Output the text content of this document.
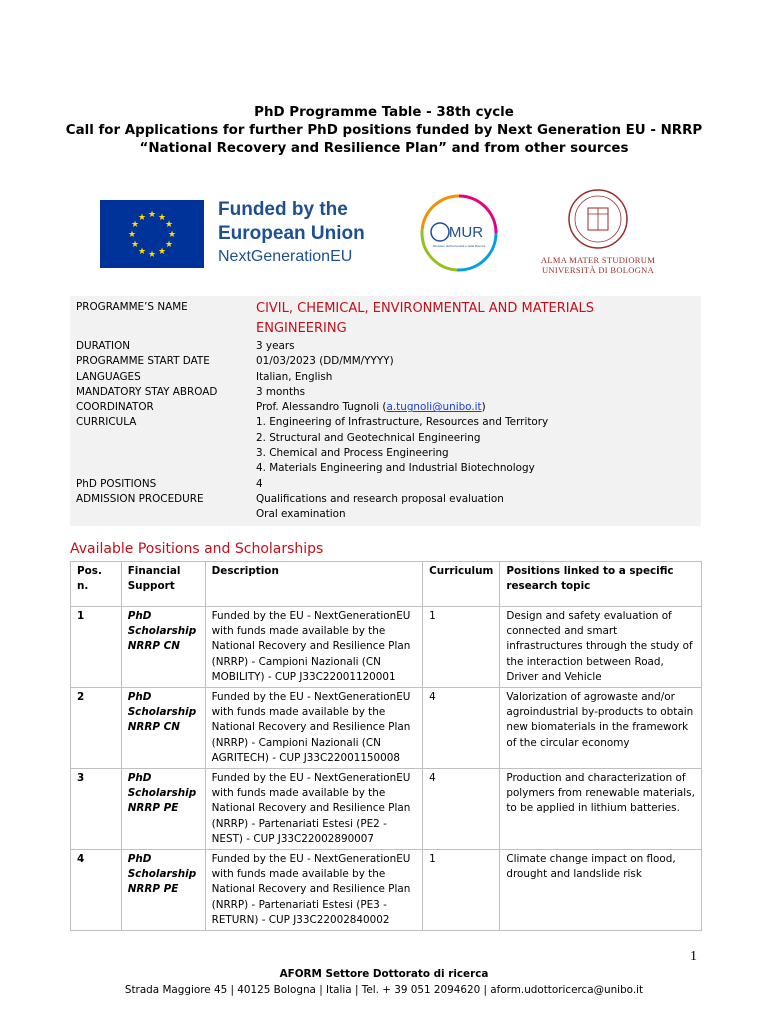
PhD Programme Table - 38th cycle
Call for Applications for further PhD positions funded by Next Generation EU - NRRP
“National Recovery and Resilience Plan” and from other sources
★ ★
★
★
★
★
★
★
★
★
★
★	Funded by the
European Union
NextGenerationEU
MUR
Ministero dell'Università e della Ricerca
ALMA MATER STUDIORUM
UNIVERSITÀ DI BOLOGNA
PROGRAMME’S NAME	CIVIL, CHEMICAL, ENVIRONMENTAL AND MATERIALS
ENGINEERING

DURATION	3 years
PROGRAMME START DATE	01/03/2023 (DD/MM/YYYY)
LANGUAGES	Italian, English
MANDATORY STAY ABROAD	3 months
COORDINATOR	Prof. Alessandro Tugnoli (a.tugnoli@unibo.it)
CURRICULA	1. Engineering of Infrastructure, Resources and Territory
2. Structural and Geotechnical Engineering
3. Chemical and Process Engineering
4. Materials Engineering and Industrial Biotechnology

PhD POSITIONS	4
ADMISSION PROCEDURE	Qualifications and research proposal evaluation
Oral examination
Available Positions and Scholarships
Pos. n.	Financial Support	Description	Curriculum	Positions linked to a specific research topic
1	PhD Scholarship NRRP CN	Funded by the EU - NextGenerationEU with funds made available by the National Recovery and Resilience Plan (NRRP) - Campioni Nazionali (CN MOBILITY) - CUP J33C22001120001	1	Design and safety evaluation of connected and smart infrastructures through the study of the interaction between Road, Driver and Vehicle
2	PhD Scholarship NRRP CN	Funded by the EU - NextGenerationEU with funds made available by the National Recovery and Resilience Plan (NRRP) - Campioni Nazionali (CN AGRITECH) - CUP J33C22001150008	4	Valorization of agrowaste and/or agroindustrial by-products to obtain new biomaterials in the framework of the circular economy
3	PhD Scholarship NRRP PE	Funded by the EU - NextGenerationEU with funds made available by the National Recovery and Resilience Plan (NRRP) - Partenariati Estesi (PE2 - NEST) - CUP J33C22002890007	4	Production and characterization of polymers from renewable materials, to be applied in lithium batteries.
4	PhD Scholarship NRRP PE	Funded by the EU - NextGenerationEU with funds made available by the National Recovery and Resilience Plan (NRRP) - Partenariati Estesi (PE3 - RETURN) - CUP J33C22002840002	1	Climate change impact on flood, drought and landslide risk
1
AFORM Settore Dottorato di ricerca
Strada Maggiore 45 | 40125 Bologna | Italia | Tel. + 39 051 2094620 | aform.udottoricerca@unibo.it
